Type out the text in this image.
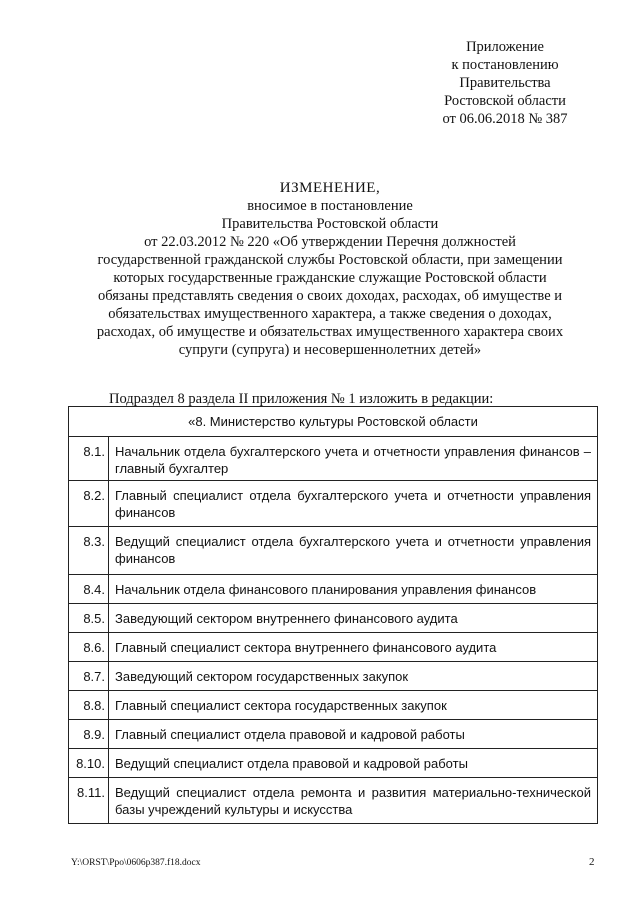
Приложение
к постановлению
Правительства
Ростовской области
от 06.06.2018 № 387
ИЗМЕНЕНИЕ,
вносимое в постановление
Правительства Ростовской области
от 22.03.2012 № 220 «Об утверждении Перечня должностей
государственной гражданской службы Ростовской области, при замещении
которых государственные гражданские служащие Ростовской области
обязаны представлять сведения о своих доходах, расходах, об имуществе и
обязательствах имущественного характера, а также сведения о доходах,
расходах, об имуществе и обязательствах имущественного характера своих
супруги (супруга) и несовершеннолетних детей»
Подраздел 8 раздела II приложения № 1 изложить в редакции:
«8. Министерство культуры Ростовской области	
8.1.	Начальник отдела бухгалтерского учета и отчетности управления финансов – главный бухгалтер
8.2.	Главный специалист отдела бухгалтерского учета и отчетности управления финансов
8.3.	Ведущий специалист отдела бухгалтерского учета и отчетности управления финансов
8.4.	Начальник отдела финансового планирования управления финансов
8.5.	Заведующий сектором внутреннего финансового аудита
8.6.	Главный специалист сектора внутреннего финансового аудита
8.7.	Заведующий сектором государственных закупок
8.8.	Главный специалист сектора государственных закупок
8.9.	Главный специалист отдела правовой и кадровой работы
8.10.	Ведущий специалист отдела правовой и кадровой работы
8.11.	Ведущий специалист отдела ремонта и развития материально-технической базы учреждений культуры и искусства
Y:\ORST\Ppo\0606p387.f18.docx	2
